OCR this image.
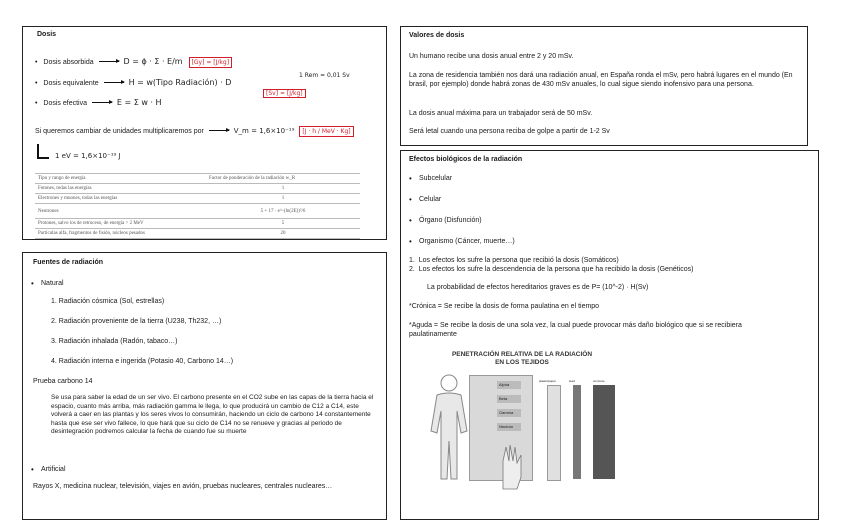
Dosis
• Dosis absorbida	D = ϕ · Σ · E/m [Gy] = [J/kg]
1 Rem = 0,01 Sv
• Dosis equivalente	H = w(Tipo Radiación) · D
[Sv] = [J/kg]
• Dosis efectiva	E = Σ w · H
Si queremos cambiar de unidades multiplicaremos por	V_m = 1,6×10⁻¹⁹ [J · h / MeV · Kg]
1 eV = 1,6×10⁻¹⁹ J
Tipo y rango de energía	Factor de ponderación de la radiación w_R
Fotones, todas las energías	1
Electrones y muones, todas las energías	1
Neutrones	5 + 17 · e^-(ln(2E))²/6
Protones, salvo los de retroceso, de energía > 2 MeV	5
Partículas alfa, fragmentos de fisión, núcleos pesados	20
Valores de dosis
Un humano recibe una dosis anual entre 2 y 20 mSv.
La zona de residencia también nos dará una radiación anual, en España ronda el mSv, pero habrá lugares en el mundo (En brasil, por ejemplo) donde habrá zonas de 430 mSv anuales, lo cual sigue siendo inofensivo para una persona.
La dosis anual máxima para un trabajador será de 50 mSv.
Será letal cuando una persona reciba de golpe a partir de 1-2 Sv
Efectos biológicos de la radiación
• Subcelular
• Celular
• Órgano (Disfunción)
• Organismo (Cáncer, muerte…)
1.  Los efectos los sufre la persona que recibió la dosis (Somáticos)
2.  Los efectos los sufre la descendencia de la persona que ha recibido la dosis (Genéticos)
La probabilidad de efectos hereditarios graves es de P= (10^-2) · H(Sv)
*Crónica = Se recibe la dosis de forma paulatina en el tiempo
*Aguda = Se recibe la dosis de una sola vez, la cual puede provocar más daño biológico que si se recibiera paulatinamente
PENETRACIÓN RELATIVA DE LA RADIACIÓN
EN LOS TEJIDOS
Alpha
Beta
Gamma
Neutrón
plastic/paper	lead	concrete
Fuentes de radiación
• Natural
1. Radiación cósmica (Sol, estrellas)
2. Radiación proveniente de la tierra (U238, Th232, …)
3. Radiación inhalada (Radón, tabaco…)
4. Radiación interna e ingerida (Potasio 40, Carbono 14…)
Prueba carbono 14
Se usa para saber la edad de un ser vivo. El carbono presente en el CO2 sube en las capas de la tierra hacia el espacio, cuanto más arriba, más radiación gamma le llega, lo que producirá un cambio de C12 a C14, este volverá a caer en las plantas y los seres vivos lo consumirán, haciendo un ciclo de carbono 14 constantemente hasta que ese ser vivo fallece, lo que hará que su ciclo de C14 no se renueve y gracias al periodo de desintegración podremos calcular la fecha de cuando fue su muerte
• Artificial
Rayos X, medicina nuclear, televisión, viajes en avión, pruebas nucleares, centrales nucleares…
